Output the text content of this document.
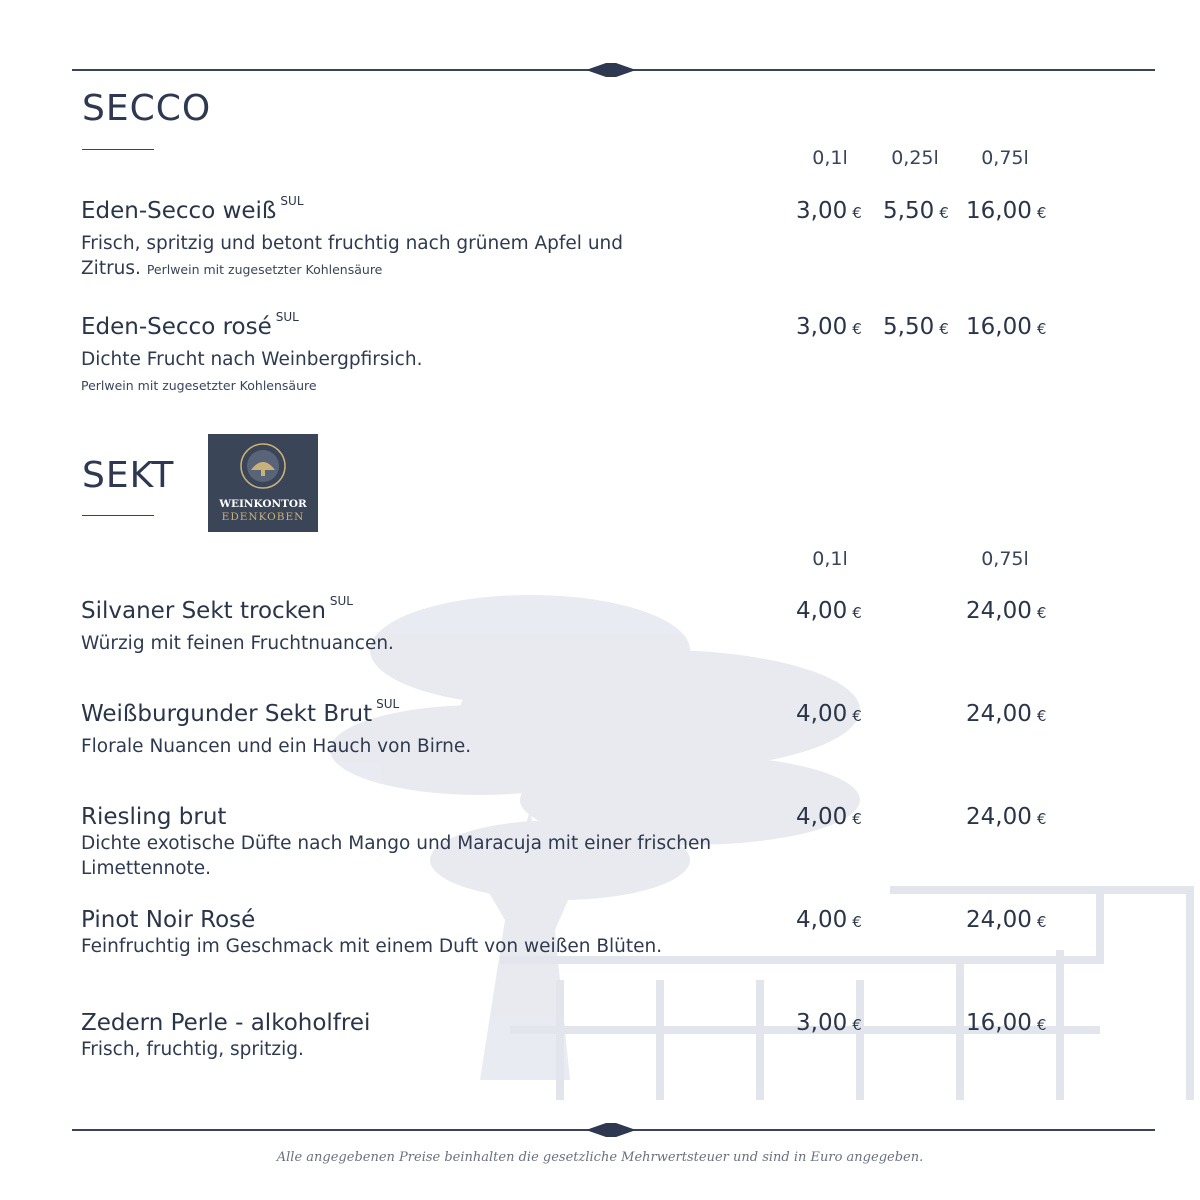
SECCO
0,1l	0,25l	0,75l
Eden-Secco weiß $^{SUL}$
Frisch, spritzig und betont fruchtig nach grünem Apfel und Zitrus. Perlwein mit zugesetzter Kohlensäure
3,00 € 5,50 € 16,00 €
Eden-Secco rosé $^{SUL}$
Dichte Frucht nach Weinbergpfirsich.
Perlwein mit zugesetzter Kohlensäure
3,00 € 5,50 € 16,00 €
SEKT
WEINKONTOR
EDENKOBEN
0,1l	0,75l
Silvaner Sekt trocken $^{SUL}$
Würzig mit feinen Fruchtnuancen.
4,00 €	24,00 €
Weißburgunder Sekt Brut $^{SUL}$
Florale Nuancen und ein Hauch von Birne.
4,00 €	24,00 €
Riesling brut
Dichte exotische Düfte nach Mango und Maracuja mit einer frischen Limettennote.
4,00 €	24,00 €
Pinot Noir Rosé
Feinfruchtig im Geschmack mit einem Duft von weißen Blüten.
4,00 €	24,00 €
Zedern Perle - alkoholfrei
Frisch, fruchtig, spritzig.
3,00 €	16,00 €
Alle angegebenen Preise beinhalten die gesetzliche Mehrwertsteuer und sind in Euro angegeben.
